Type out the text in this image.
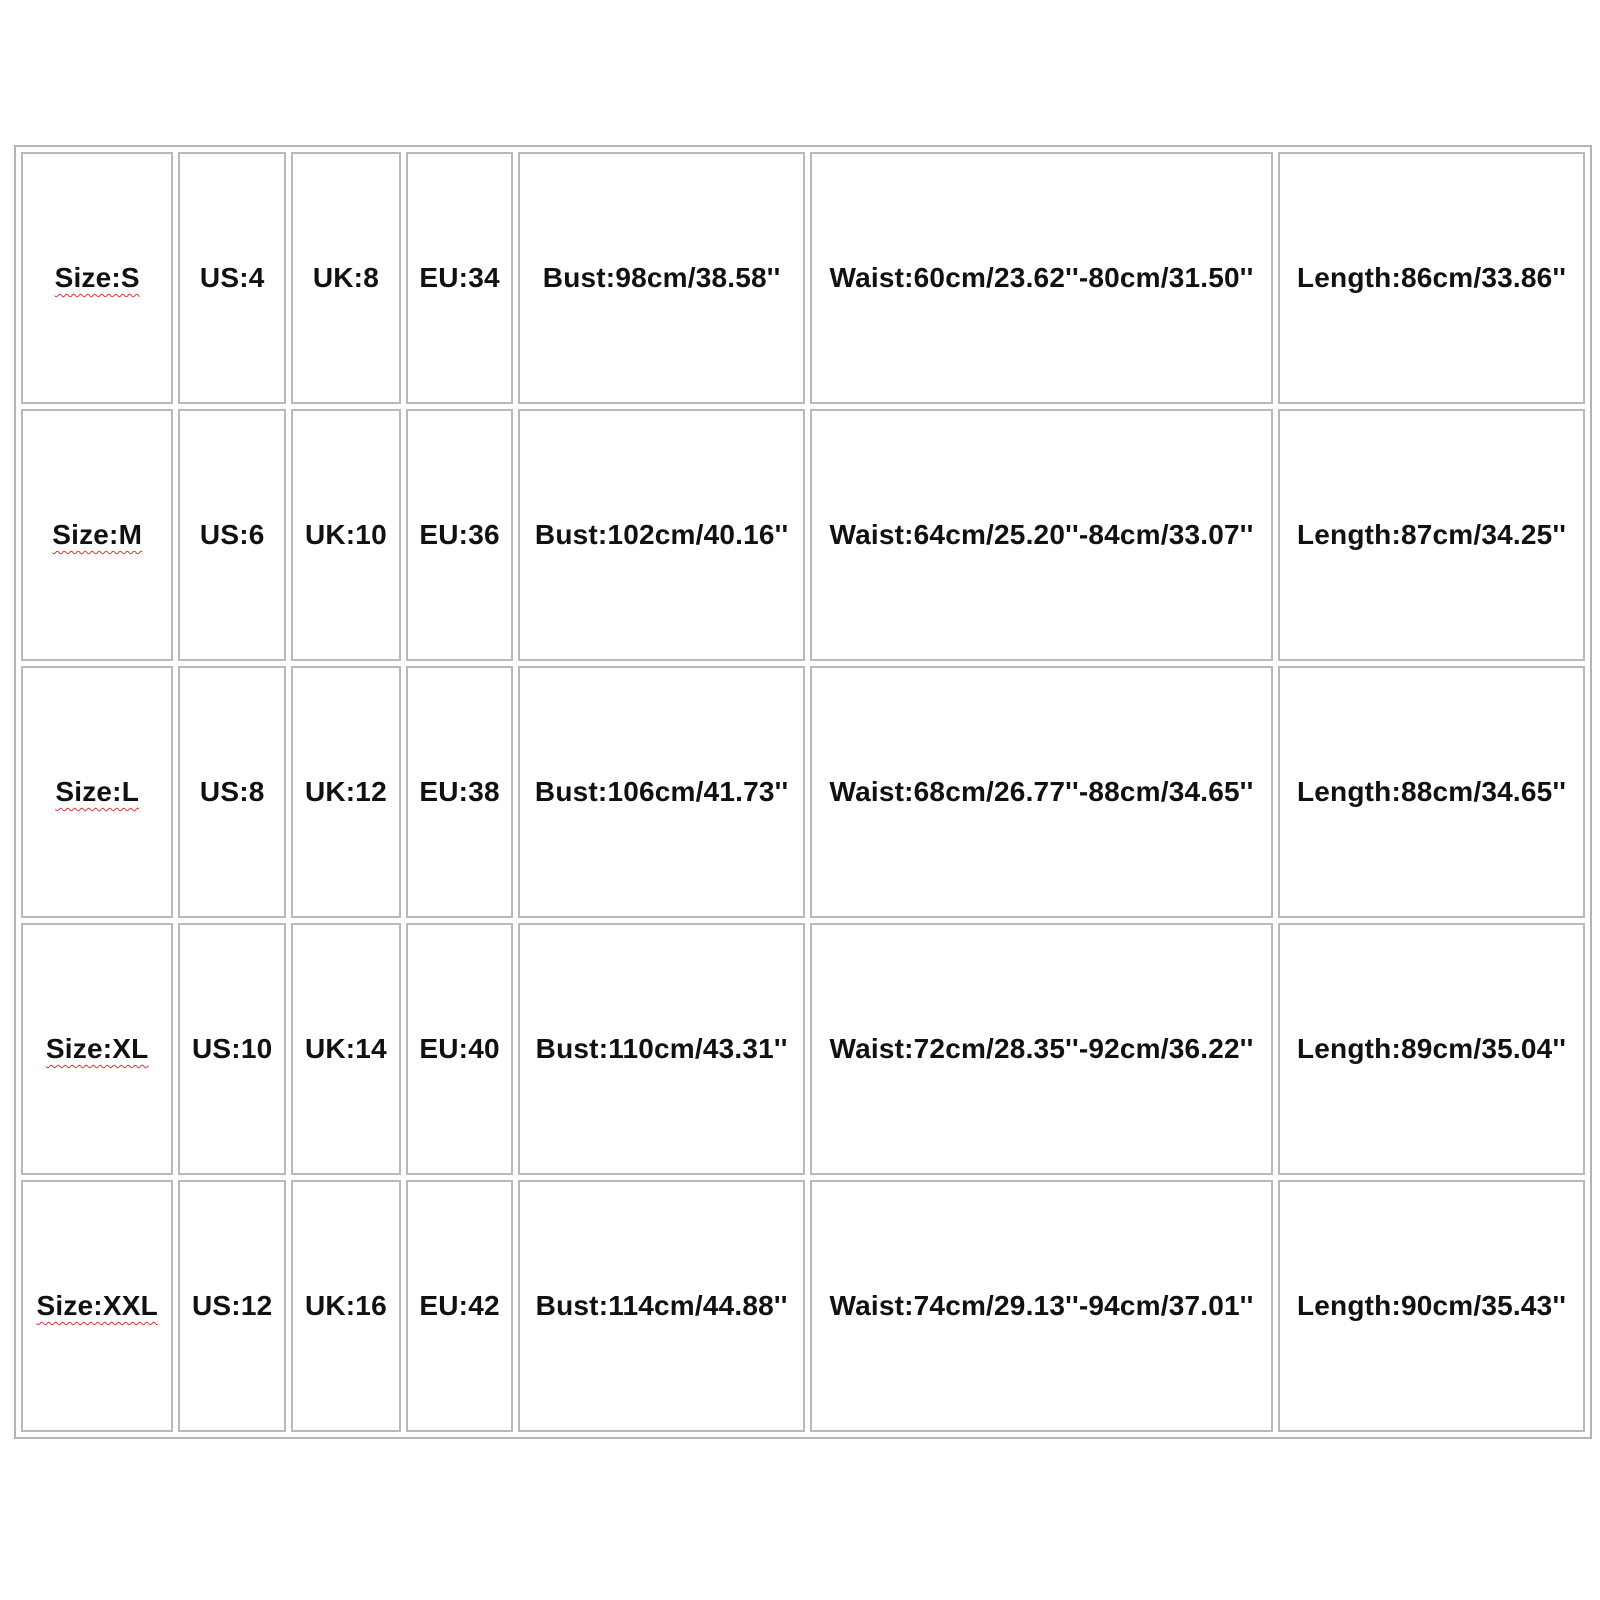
Size:S	US:4	UK:8	EU:34	Bust:98cm/38.58''	Waist:60cm/23.62''-80cm/31.50''	Length:86cm/33.86''
Size:M	US:6	UK:10	EU:36	Bust:102cm/40.16''	Waist:64cm/25.20''-84cm/33.07''	Length:87cm/34.25''
Size:L	US:8	UK:12	EU:38	Bust:106cm/41.73''	Waist:68cm/26.77''-88cm/34.65''	Length:88cm/34.65''
Size:XL	US:10	UK:14	EU:40	Bust:110cm/43.31''	Waist:72cm/28.35''-92cm/36.22''	Length:89cm/35.04''
Size:XXL	US:12	UK:16	EU:42	Bust:114cm/44.88''	Waist:74cm/29.13''-94cm/37.01''	Length:90cm/35.43''
